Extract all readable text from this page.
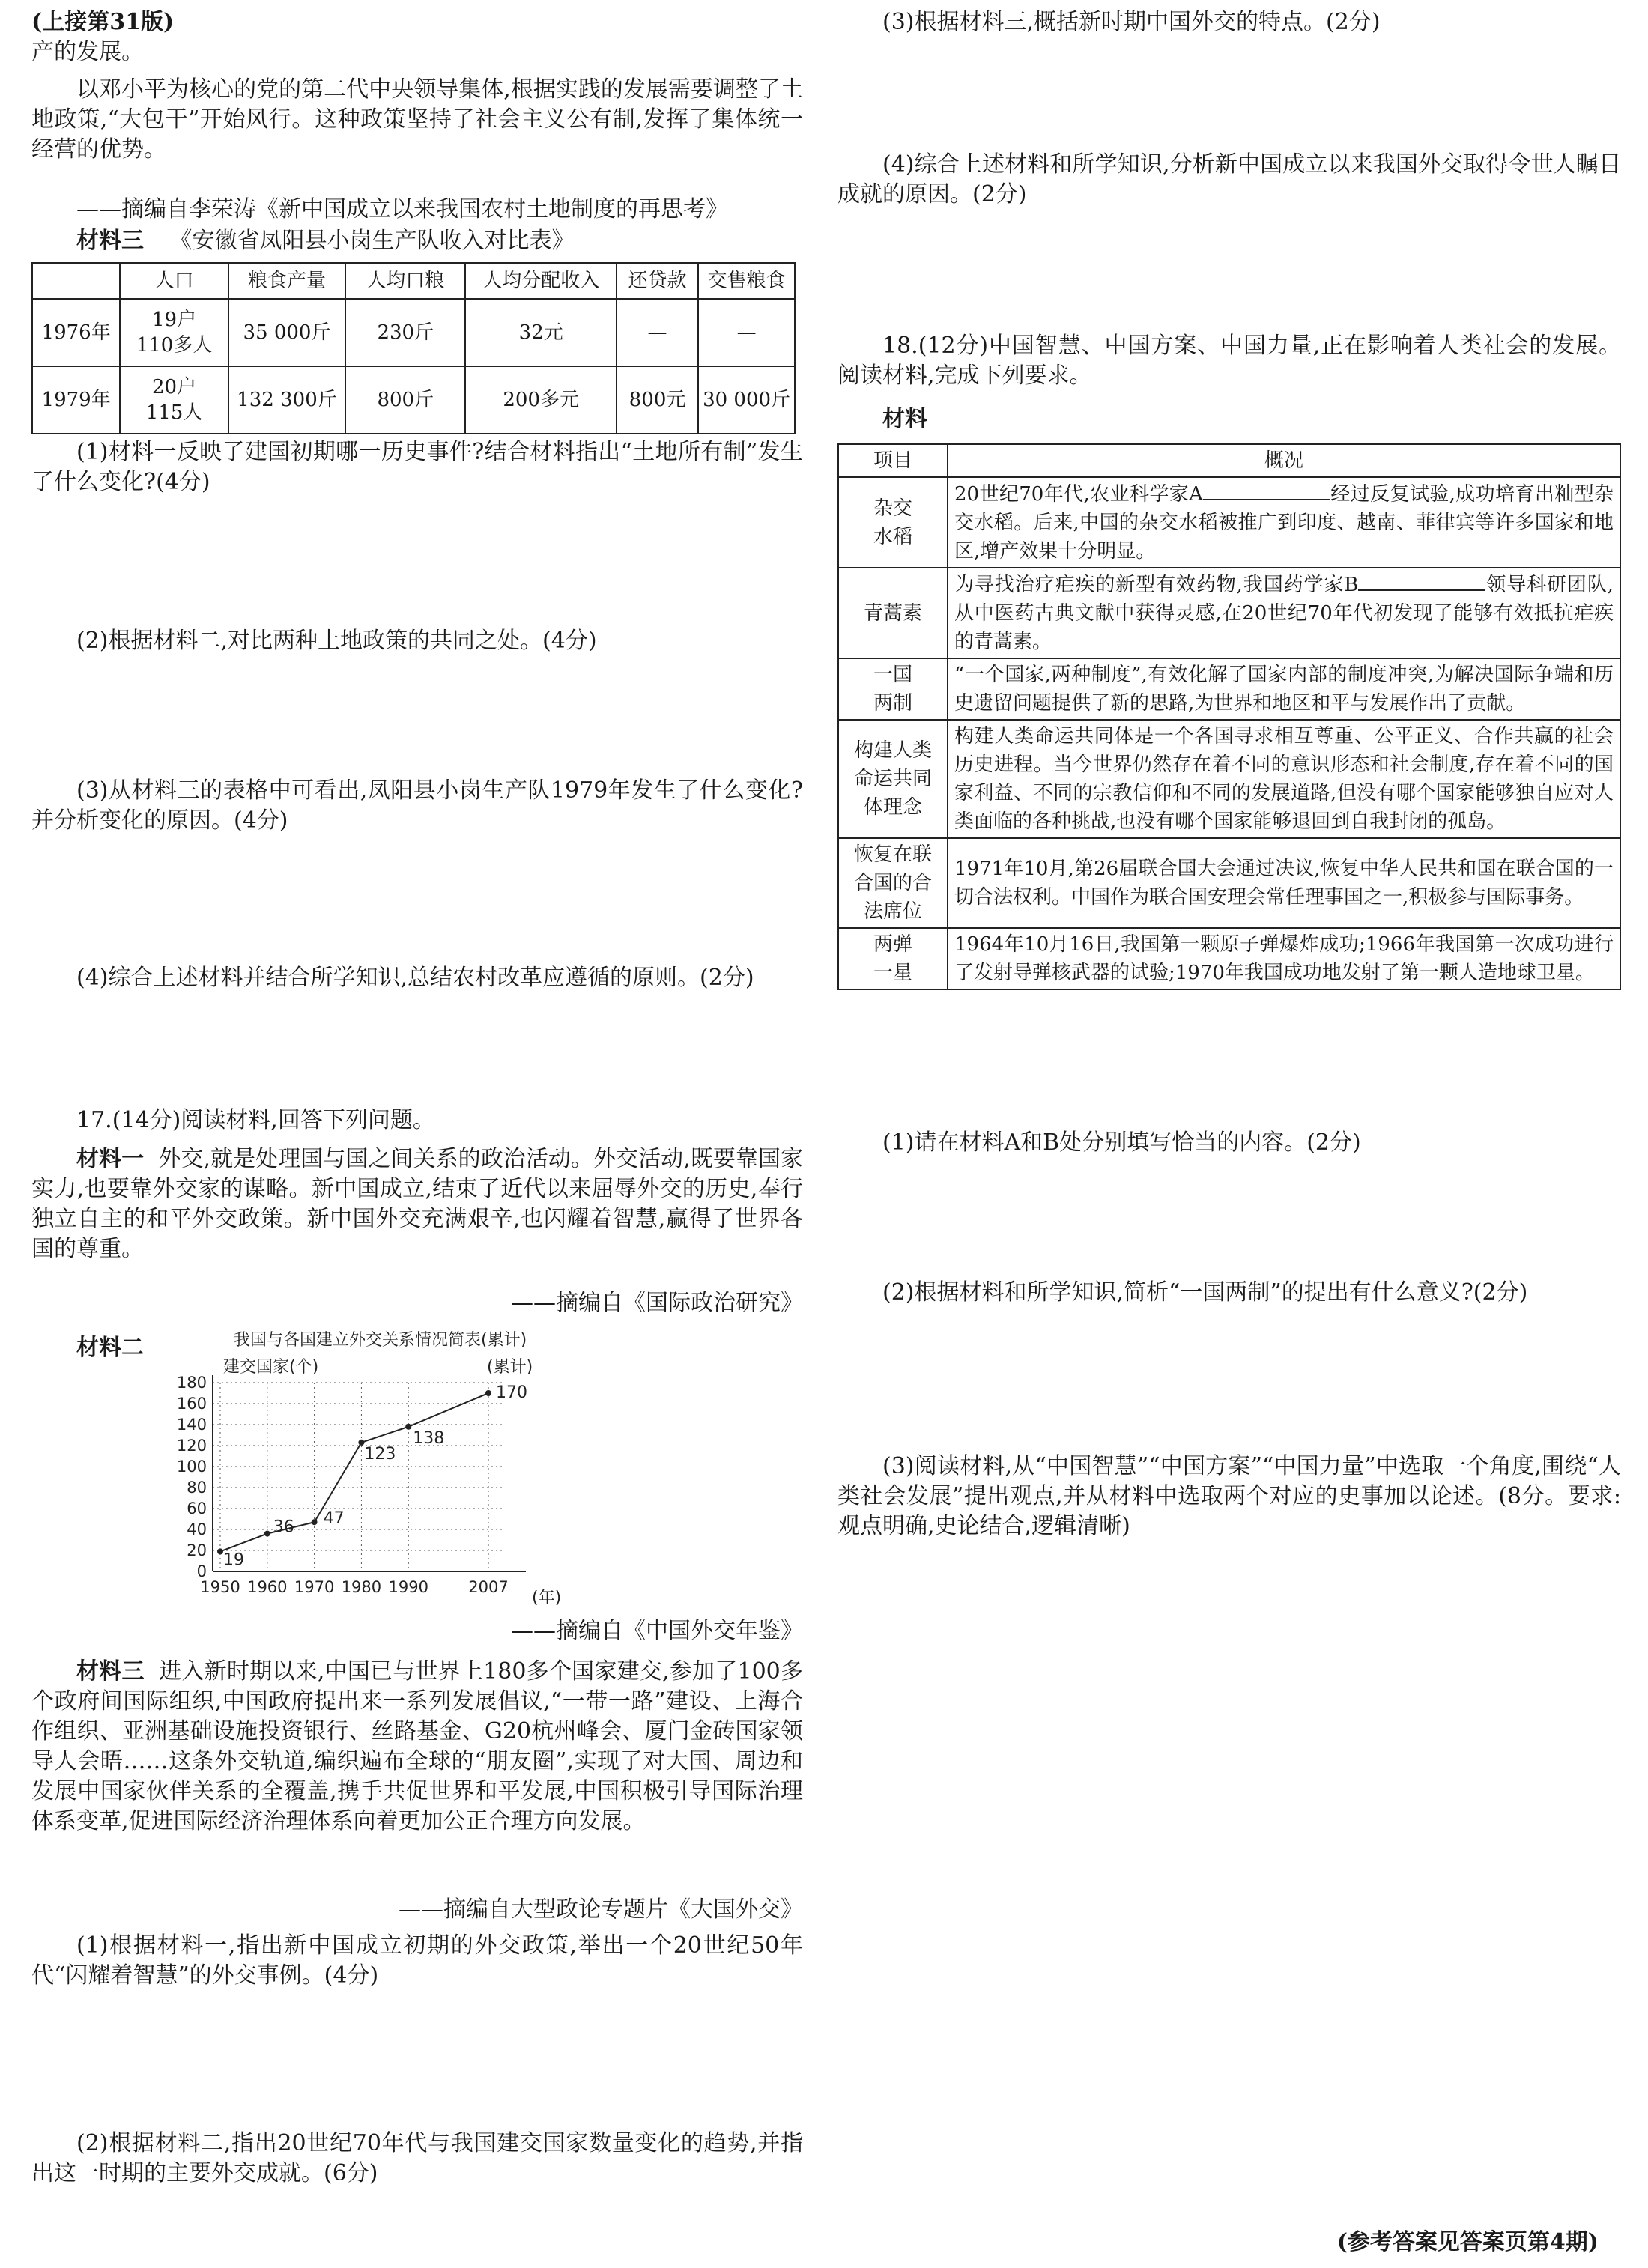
(上接第31版)

产的发展。

以邓小平为核心的党的第二代中央领导集体,根据实践的发展需要调整了土地政策,“大包干”开始风行。这种政策坚持了社会主义公有制,发挥了集体统一经营的优势。

——摘编自李荣涛《新中国成立以来我国农村土地制度的再思考》

材料三 《安徽省凤阳县小岗生产队收入对比表》

	人口	粮食产量	人均口粮	人均分配收入	还贷款	交售粮食
1976年	19户
110多人	35 000斤	230斤	32元	—	—
1979年	20户
115人	132 300斤	800斤	200多元	800元	30 000斤

(1)材料一反映了建国初期哪一历史事件?结合材料指出“土地所有制”发生了什么变化?(4分)

(2)根据材料二,对比两种土地政策的共同之处。(4分)

(3)从材料三的表格中可看出,凤阳县小岗生产队1979年发生了什么变化?并分析变化的原因。(4分)

(4)综合上述材料并结合所学知识,总结农村改革应遵循的原则。(2分)

17.(14分)阅读材料,回答下列问题。

材料一 外交,就是处理国与国之间关系的政治活动。外交活动,既要靠国家实力,也要靠外交家的谋略。新中国成立,结束了近代以来屈辱外交的历史,奉行独立自主的和平外交政策。新中国外交充满艰辛,也闪耀着智慧,赢得了世界各国的尊重。

——摘编自《国际政治研究》

材料二	我国与各国建立外交关系情况简表(累计)
建交国家(个)	(累计)
0
20
40
60
80
100
120
140
160
180
1950 1960 1970 1980 1990	2007
19
36 47
123
138
170
(年)

——摘编自《中国外交年鉴》

材料三 进入新时期以来,中国已与世界上180多个国家建交,参加了100多个政府间国际组织,中国政府提出来一系列发展倡议,“一带一路”建设、上海合作组织、亚洲基础设施投资银行、丝路基金、G20杭州峰会、厦门金砖国家领导人会晤……这条外交轨道,编织遍布全球的“朋友圈”,实现了对大国、周边和发展中国家伙伴关系的全覆盖,携手共促世界和平发展,中国积极引导国际治理体系变革,促进国际经济治理体系向着更加公正合理方向发展。

——摘编自大型政论专题片《大国外交》

(1)根据材料一,指出新中国成立初期的外交政策,举出一个20世纪50年代“闪耀着智慧”的外交事例。(4分)

(2)根据材料二,指出20世纪70年代与我国建交国家数量变化的趋势,并指出这一时期的主要外交成就。(6分)

(3)根据材料三,概括新时期中国外交的特点。(2分)

(4)综合上述材料和所学知识,分析新中国成立以来我国外交取得令世人瞩目成就的原因。(2分)

18.(12分)中国智慧、中国方案、中国力量,正在影响着人类社会的发展。阅读材料,完成下列要求。

材料

项目	概况

杂交
水稻	20世纪70年代,农业科学家A 经过反复试验,成功培育出籼型杂交水稻。后来,中国的杂交水稻被推广到印度、越南、菲律宾等许多国家和地区,增产效果十分明显。

青蒿素	为寻找治疗疟疾的新型有效药物,我国药学家B 领导科研团队,从中医药古典文献中获得灵感,在20世纪70年代初发现了能够有效抵抗疟疾的青蒿素。

一国
两制	“一个国家,两种制度”,有效化解了国家内部的制度冲突,为解决国际争端和历史遗留问题提供了新的思路,为世界和地区和平与发展作出了贡献。

构建人类
命运共同
体理念	构建人类命运共同体是一个各国寻求相互尊重、公平正义、合作共赢的社会历史进程。当今世界仍然存在着不同的意识形态和社会制度,存在着不同的国家利益、不同的宗教信仰和不同的发展道路,但没有哪个国家能够独自应对人类面临的各种挑战,也没有哪个国家能够退回到自我封闭的孤岛。

恢复在联
合国的合
法席位	1971年10月,第26届联合国大会通过决议,恢复中华人民共和国在联合国的一切合法权利。中国作为联合国安理会常任理事国之一,积极参与国际事务。

两弹
一星	1964年10月16日,我国第一颗原子弹爆炸成功;1966年我国第一次成功进行了发射导弹核武器的试验;1970年我国成功地发射了第一颗人造地球卫星。

(1)请在材料A和B处分别填写恰当的内容。(2分)

(2)根据材料和所学知识,简析“一国两制”的提出有什么意义?(2分)

(3)阅读材料,从“中国智慧”“中国方案”“中国力量”中选取一个角度,围绕“人类社会发展”提出观点,并从材料中选取两个对应的史事加以论述。(8分。要求:观点明确,史论结合,逻辑清晰)

(参考答案见答案页第4期)
